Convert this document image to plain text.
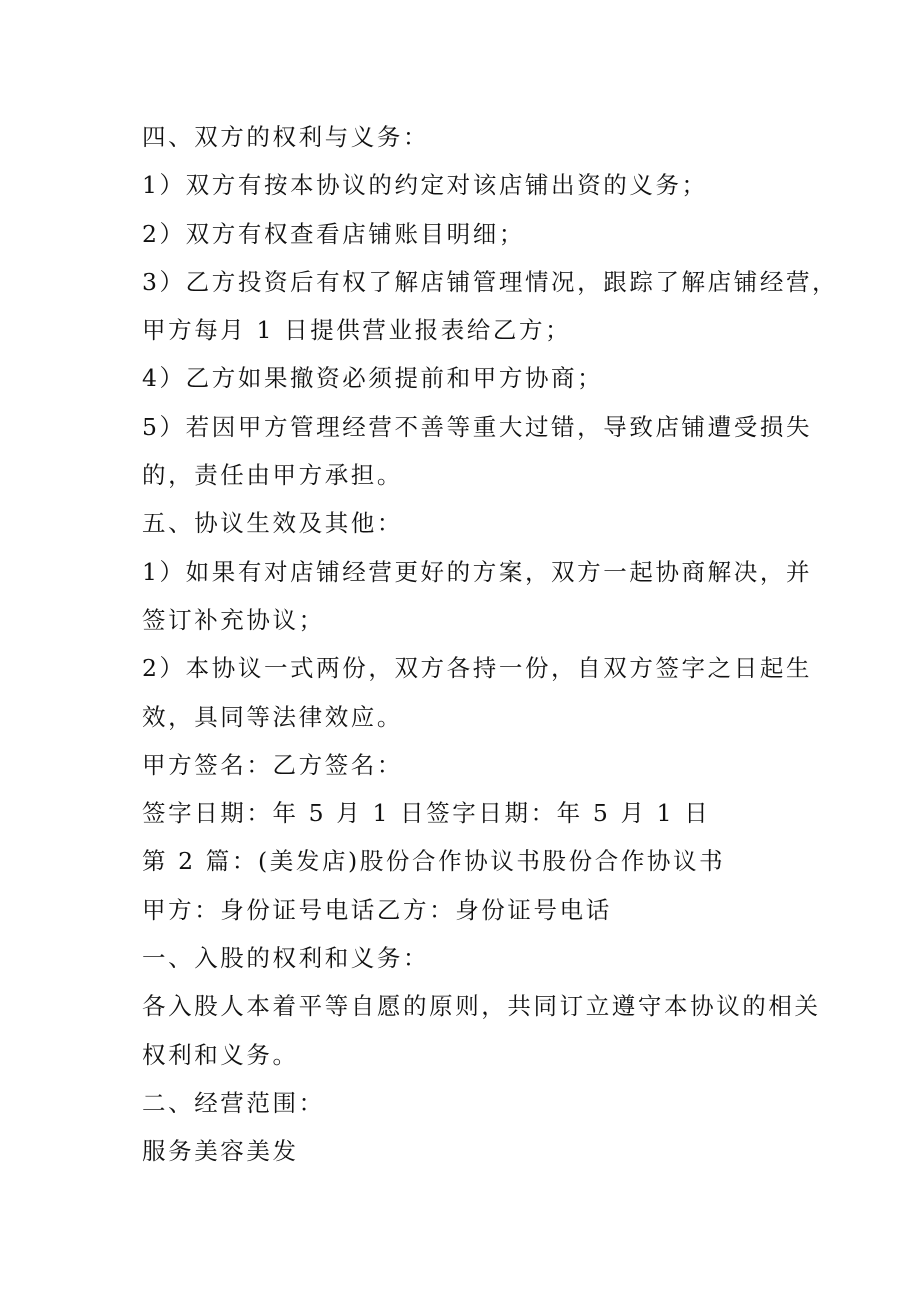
四、双方的权利与义务：
1）双方有按本协议的约定对该店铺出资的义务；
2）双方有权查看店铺账目明细；
3）乙方投资后有权了解店铺管理情况，跟踪了解店铺经营，
甲方每月 1 日提供营业报表给乙方；
4）乙方如果撤资必须提前和甲方协商；
5）若因甲方管理经营不善等重大过错，导致店铺遭受损失
的，责任由甲方承担。
五、协议生效及其他：
1）如果有对店铺经营更好的方案，双方一起协商解决，并
签订补充协议；
2）本协议一式两份，双方各持一份，自双方签字之日起生
效，具同等法律效应。
甲方签名：乙方签名：
签字日期：年 5 月 1 日签字日期：年 5 月 1 日
第 2 篇：(美发店)股份合作协议书股份合作协议书
甲方：身份证号电话乙方：身份证号电话
一、入股的权利和义务：
各入股人本着平等自愿的原则，共同订立遵守本协议的相关
权利和义务。
二、经营范围：
服务美容美发
